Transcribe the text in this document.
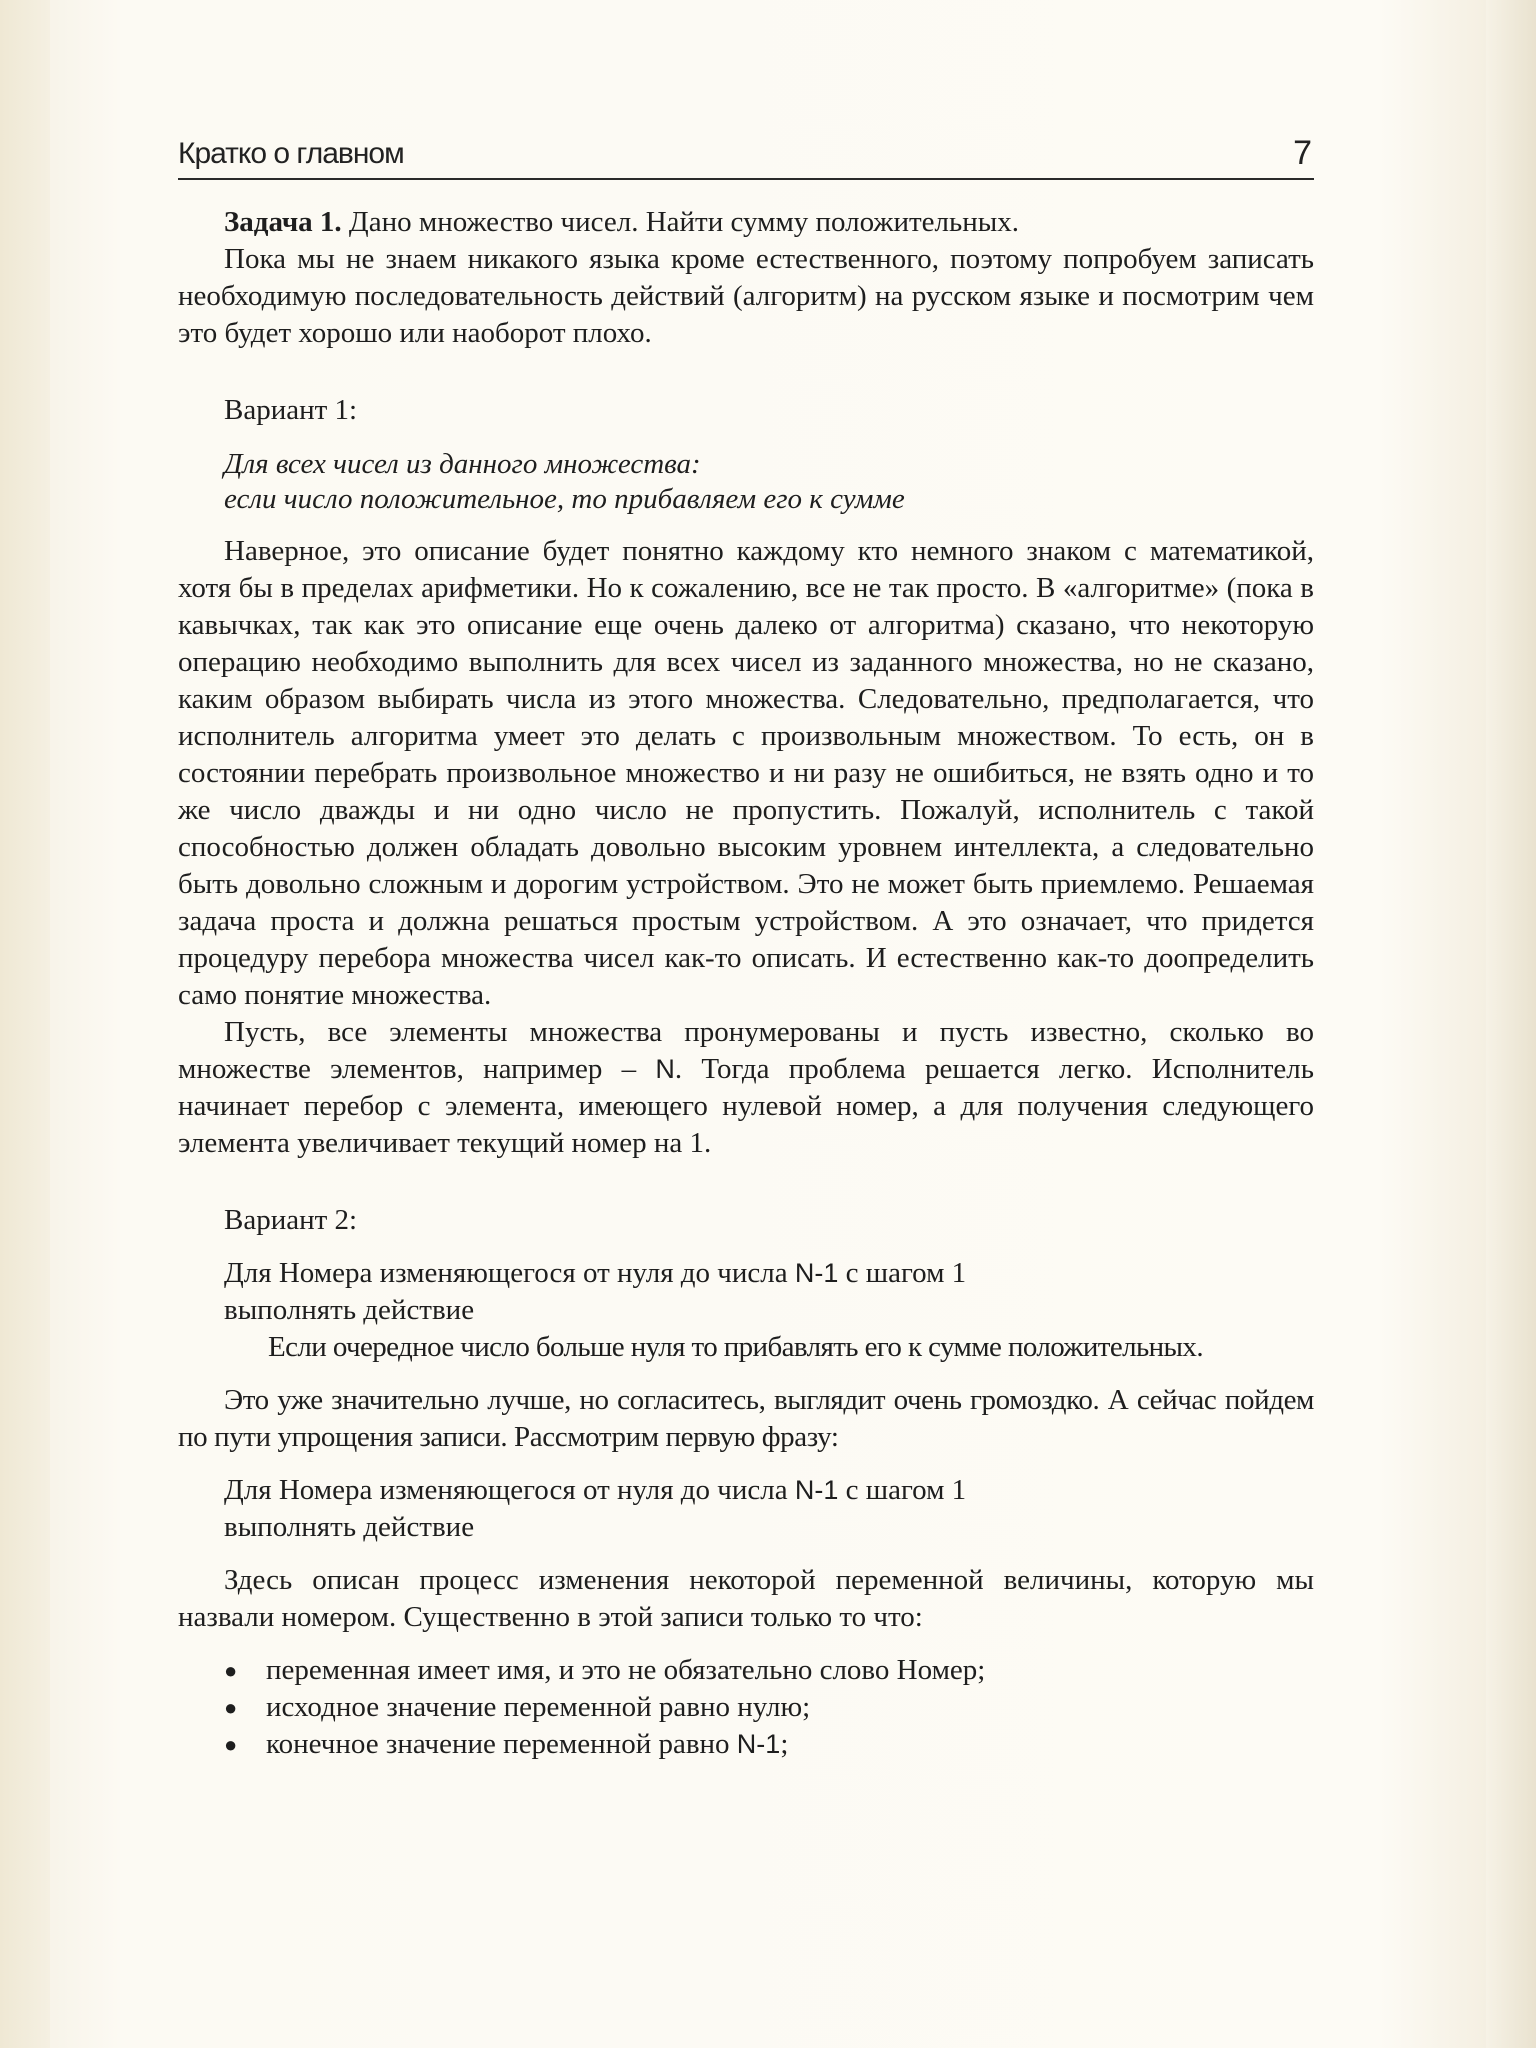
Кратко о главном	7

Задача 1. Дано множество чисел. Найти сумму положительных.

Пока мы не знаем никакого языка кроме естественного, поэтому попробуем записать необходимую последовательность действий (алгоритм) на русском языке и посмотрим чем это будет хорошо или наоборот плохо.

Вариант 1:
Для всех чисел из данного множества:
если число положительное, то прибавляем его к сумме

Наверное, это описание будет понятно каждому кто немного знаком с математикой, хотя бы в пределах арифметики. Но к сожалению, все не так просто. В «алгоритме» (пока в кавычках, так как это описание еще очень далеко от алгоритма) сказано, что некоторую операцию необходимо выполнить для всех чисел из заданного множества, но не сказано, каким образом выбирать числа из этого множества. Следовательно, предполагается, что исполнитель алгоритма умеет это делать с произвольным множеством. То есть, он в состоянии перебрать произвольное множество и ни разу не ошибиться, не взять одно и то же число дважды и ни одно число не пропустить. Пожалуй, исполнитель с такой способностью должен обладать довольно высоким уровнем интеллекта, а следовательно быть довольно сложным и дорогим устройством. Это не может быть приемлемо. Решаемая задача проста и должна решаться простым устройством. А это означает, что придется процедуру перебора множества чисел как-то описать. И естественно как-то доопределить само понятие множества.

Пусть, все элементы множества пронумерованы и пусть известно, сколько во множестве элементов, например – N. Тогда проблема решается легко. Исполнитель начинает перебор с элемента, имеющего нулевой номер, а для получения следующего элемента увеличивает текущий номер на 1.

Вариант 2:
Для Номера изменяющегося от нуля до числа N-1 с шагом 1
выполнять действие
Если очередное число больше нуля то прибавлять его к сумме положительных.

Это уже значительно лучше, но согласитесь, выглядит очень громоздко. А сейчас пойдем по пути упрощения записи. Рассмотрим первую фразу:

Для Номера изменяющегося от нуля до числа N-1 с шагом 1
выполнять действие

Здесь описан процесс изменения некоторой переменной величины, которую мы назвали номером. Существенно в этой записи только то что:

● переменная имеет имя, и это не обязательно слово Номер;
● исходное значение переменной равно нулю;
● конечное значение переменной равно N-1;
